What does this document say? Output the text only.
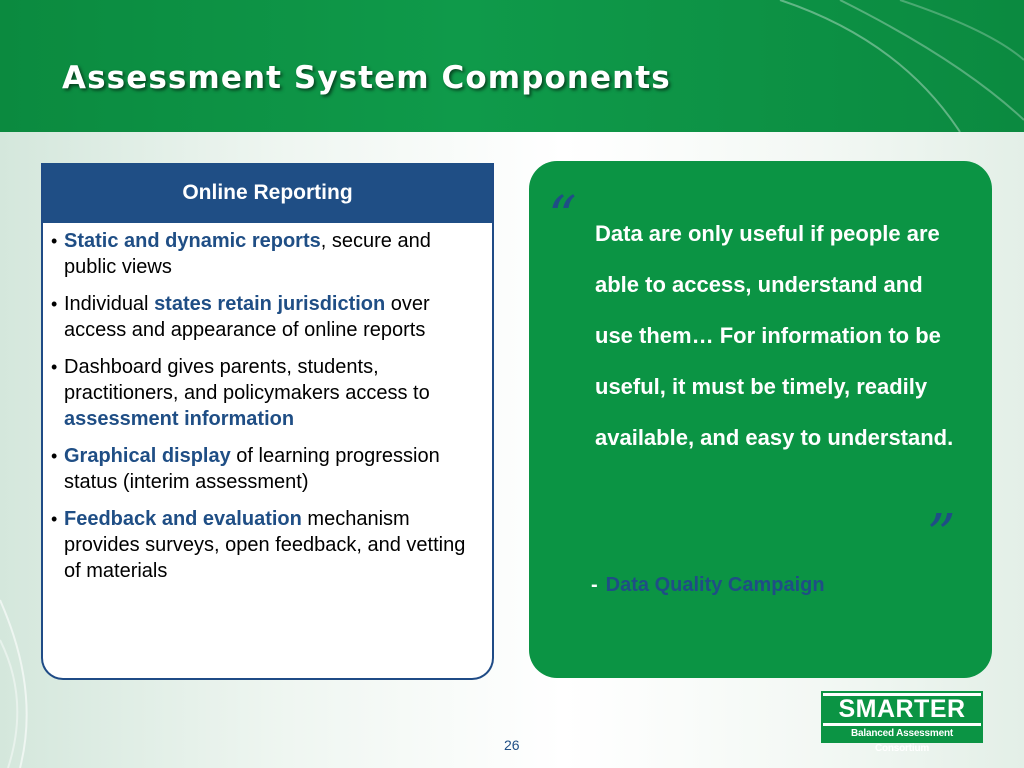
Assessment System Components
Online Reporting
• Static and dynamic reports, secure and public views
• Individual states retain jurisdiction over access and appearance of online reports
• Dashboard gives parents, students, practitioners, and policymakers access to assessment information
• Graphical display of learning progression status (interim assessment)
• Feedback and evaluation mechanism provides surveys, open feedback, and vetting of materials
“ Data are only useful if people are able to access, understand and use them… For information to be useful, it must be timely, readily available, and easy to understand.
”
- Data Quality Campaign
26
SMARTER
Balanced Assessment Consortium
